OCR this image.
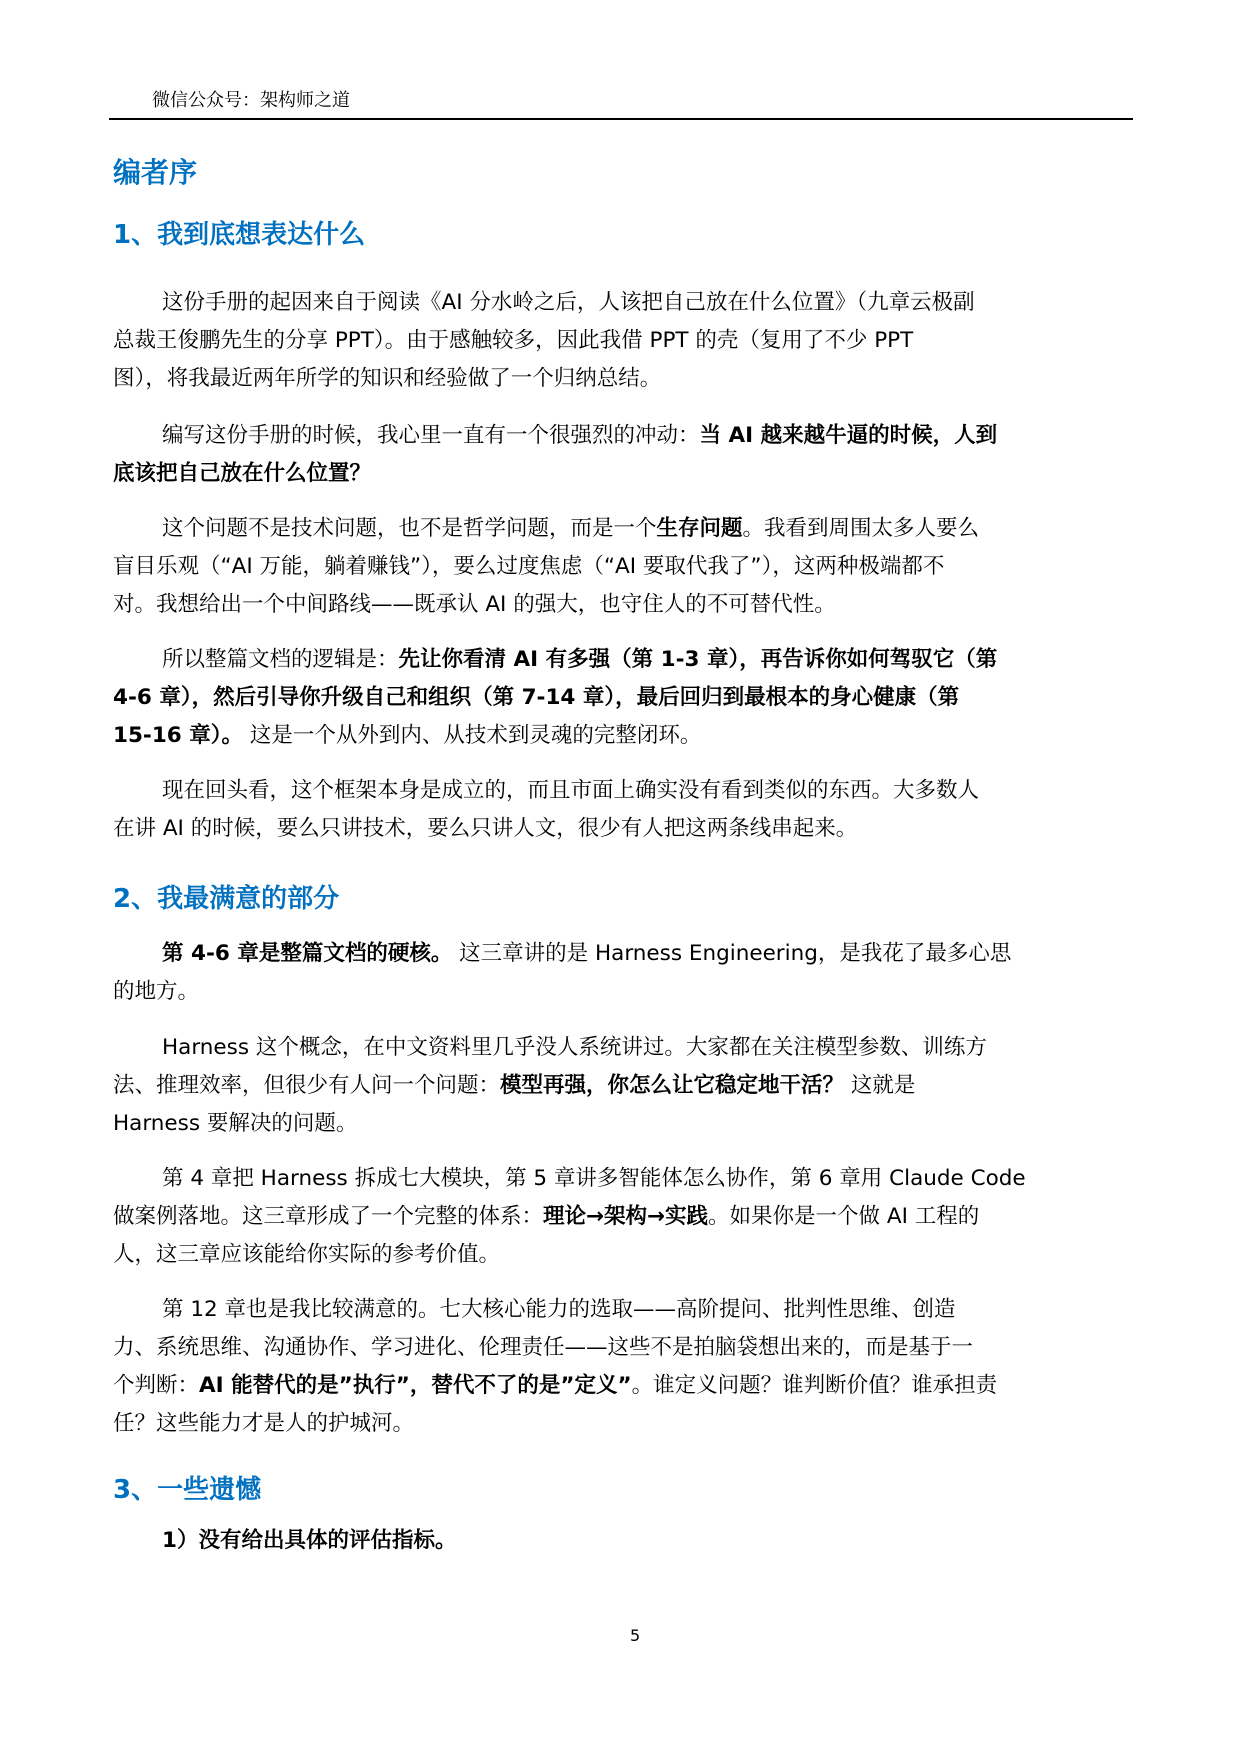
微信公众号：架构师之道
编者序
1、我到底想表达什么
2、我最满意的部分
3、一些遗憾
这份手册的起因来自于阅读《AI 分水岭之后，人该把自己放在什么位置》（九章云极副
总裁王俊鹏先生的分享 PPT）。由于感触较多，因此我借 PPT 的壳（复用了不少 PPT
图），将我最近两年所学的知识和经验做了一个归纳总结。
编写这份手册的时候，我心里一直有一个很强烈的冲动：当 AI 越来越牛逼的时候，人到
底该把自己放在什么位置？
这个问题不是技术问题，也不是哲学问题，而是一个生存问题。我看到周围太多人要么
盲目乐观（“AI 万能，躺着赚钱”），要么过度焦虑（“AI 要取代我了”），这两种极端都不
对。我想给出一个中间路线——既承认 AI 的强大，也守住人的不可替代性。
所以整篇文档的逻辑是：先让你看清 AI 有多强（第 1-3 章），再告诉你如何驾驭它（第
4-6 章），然后引导你升级自己和组织（第 7-14 章），最后回归到最根本的身心健康（第
15-16 章）。 这是一个从外到内、从技术到灵魂的完整闭环。
现在回头看，这个框架本身是成立的，而且市面上确实没有看到类似的东西。大多数人
在讲 AI 的时候，要么只讲技术，要么只讲人文，很少有人把这两条线串起来。
第 4-6 章是整篇文档的硬核。 这三章讲的是 Harness Engineering，是我花了最多心思
的地方。
Harness 这个概念，在中文资料里几乎没人系统讲过。大家都在关注模型参数、训练方
法、推理效率，但很少有人问一个问题：模型再强，你怎么让它稳定地干活？ 这就是
Harness 要解决的问题。
第 4 章把 Harness 拆成七大模块，第 5 章讲多智能体怎么协作，第 6 章用 Claude Code
做案例落地。这三章形成了一个完整的体系：理论→架构→实践。如果你是一个做 AI 工程的
人，这三章应该能给你实际的参考价值。
第 12 章也是我比较满意的。七大核心能力的选取——高阶提问、批判性思维、创造
力、系统思维、沟通协作、学习进化、伦理责任——这些不是拍脑袋想出来的，而是基于一
个判断：AI 能替代的是”执行”，替代不了的是”定义”。谁定义问题？谁判断价值？谁承担责
任？这些能力才是人的护城河。
1）没有给出具体的评估指标。
5
